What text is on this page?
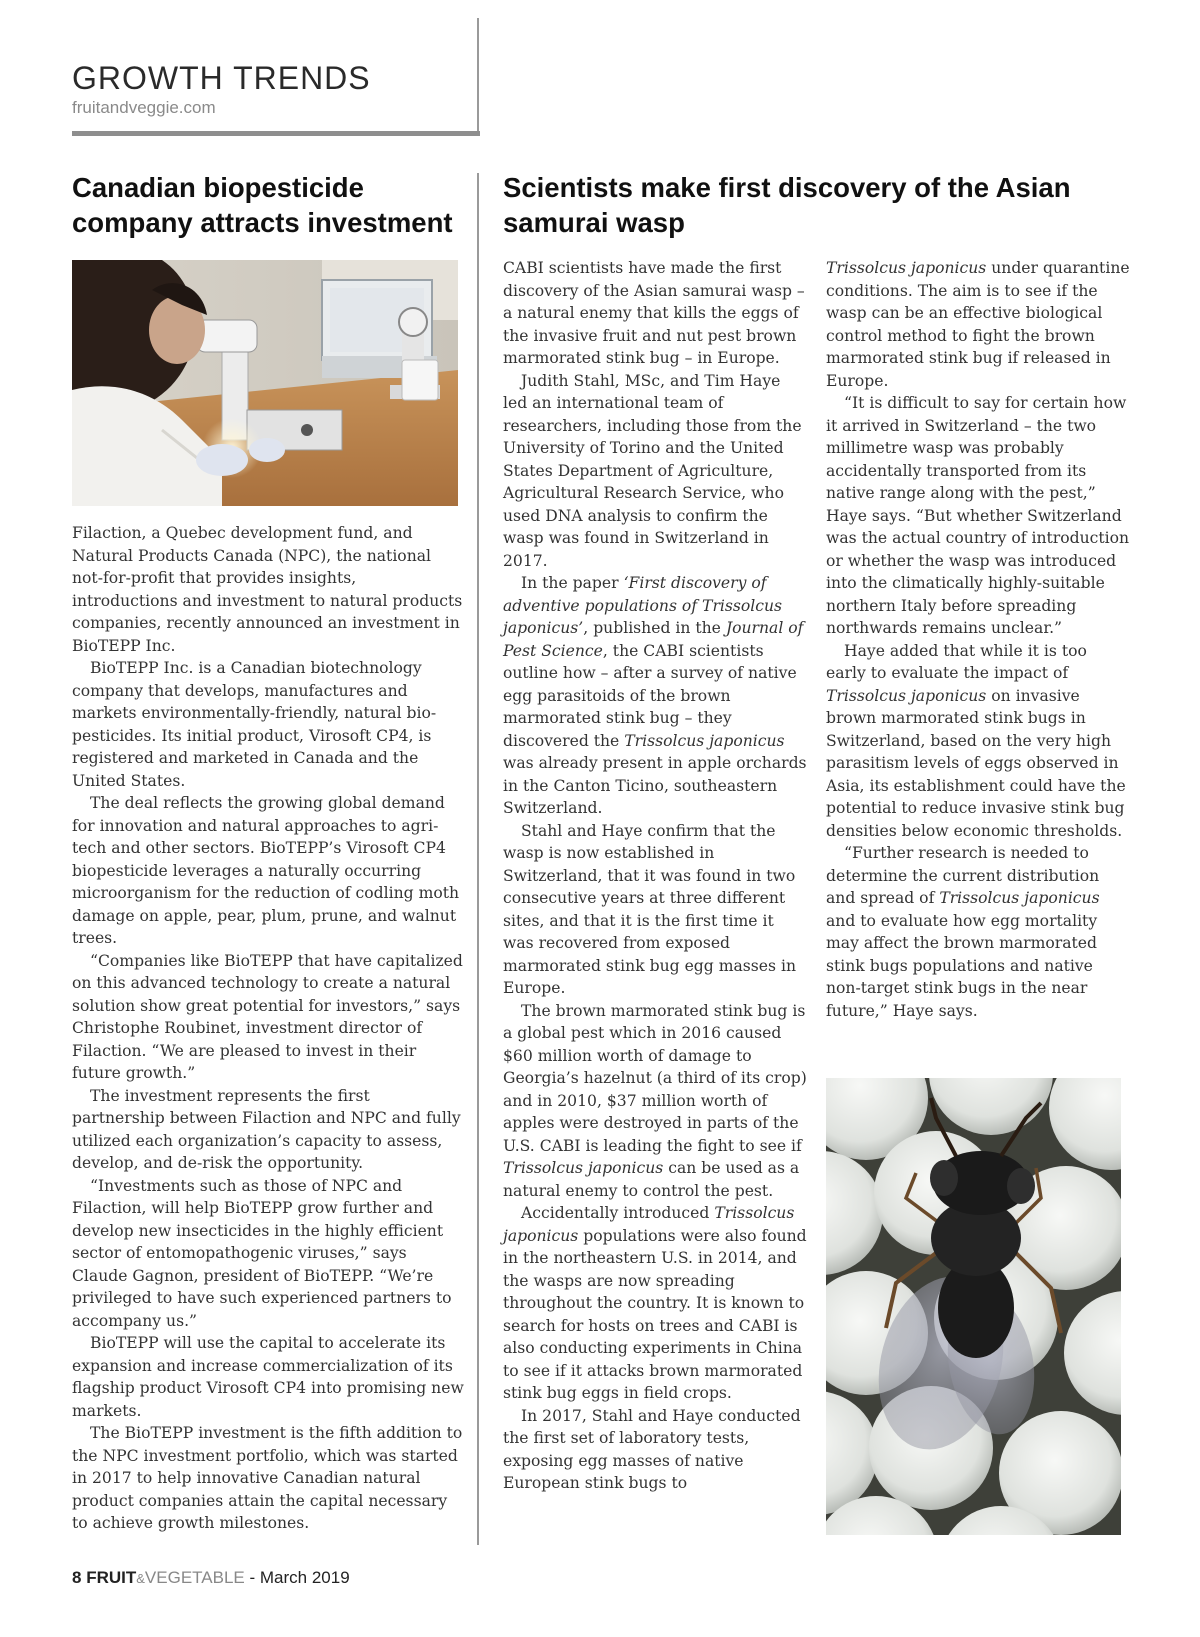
GROWTH TRENDS
fruitandveggie.com
Canadian biopesticide company attracts investment

Filaction, a Quebec development fund, and Natural Products Canada (NPC), the national not-for-profit that provides insights, introductions and investment to natural products companies, recently announced an investment in BioTEPP Inc.

BioTEPP Inc. is a Canadian biotechnology company that develops, manufactures and markets environmentally-friendly, natural bio-pesticides. Its initial product, Virosoft CP4, is registered and marketed in Canada and the United States.

The deal reflects the growing global demand for innovation and natural approaches to agri-tech and other sectors. BioTEPP’s Virosoft CP4 biopesticide leverages a naturally occurring microorganism for the reduction of codling moth damage on apple, pear, plum, prune, and walnut trees.

“Companies like BioTEPP that have capitalized on this advanced technology to create a natural solution show great potential for investors,” says Christophe Roubinet, investment director of Filaction. “We are pleased to invest in their future growth.”

The investment represents the first partnership between Filaction and NPC and fully utilized each organization’s capacity to assess, develop, and de-risk the opportunity.

“Investments such as those of NPC and Filaction, will help BioTEPP grow further and develop new insecticides in the highly efficient sector of entomopathogenic viruses,” says Claude Gagnon, president of BioTEPP. “We’re privileged to have such experienced partners to accompany us.”

BioTEPP will use the capital to accelerate its expansion and increase commercialization of its flagship product Virosoft CP4 into promising new markets.

The BioTEPP investment is the fifth addition to the NPC investment portfolio, which was started in 2017 to help innovative Canadian natural product companies attain the capital necessary to achieve growth milestones.

Scientists make first discovery of the Asian samurai wasp

CABI scientists have made the first discovery of the Asian samurai wasp – a natural enemy that kills the eggs of the invasive fruit and nut pest brown marmorated stink bug – in Europe.

Judith Stahl, MSc, and Tim Haye led an international team of researchers, including those from the University of Torino and the United States Department of Agriculture, Agricultural Research Service, who used DNA analysis to confirm the wasp was found in Switzerland in 2017.

In the paper ‘First discovery of adventive populations of Trissolcus japonicus’, published in the Journal of Pest Science, the CABI scientists outline how – after a survey of native egg parasitoids of the brown marmorated stink bug – they discovered the Trissolcus japonicus was already present in apple orchards in the Canton Ticino, southeastern Switzerland.

Stahl and Haye confirm that the wasp is now established in Switzerland, that it was found in two consecutive years at three different sites, and that it is the first time it was recovered from exposed marmorated stink bug egg masses in Europe.

The brown marmorated stink bug is a global pest which in 2016 caused $60 million worth of damage to Georgia’s hazelnut (a third of its crop) and in 2010, $37 million worth of apples were destroyed in parts of the U.S. CABI is leading the fight to see if Trissolcus japonicus can be used as a natural enemy to control the pest.

Accidentally introduced Trissolcus japonicus populations were also found in the northeastern U.S. in 2014, and the wasps are now spreading throughout the country. It is known to search for hosts on trees and CABI is also conducting experiments in China to see if it attacks brown marmorated stink bug eggs in field crops.

In 2017, Stahl and Haye conducted the first set of laboratory tests, exposing egg masses of native European stink bugs to

Trissolcus japonicus under quarantine conditions. The aim is to see if the wasp can be an effective biological control method to fight the brown marmorated stink bug if released in Europe.

“It is difficult to say for certain how it arrived in Switzerland – the two millimetre wasp was probably accidentally transported from its native range along with the pest,” Haye says. “But whether Switzerland was the actual country of introduction or whether the wasp was introduced into the climatically highly-suitable northern Italy before spreading northwards remains unclear.”

Haye added that while it is too early to evaluate the impact of Trissolcus japonicus on invasive brown marmorated stink bugs in Switzerland, based on the very high parasitism levels of eggs observed in Asia, its establishment could have the potential to reduce invasive stink bug densities below economic thresholds.

“Further research is needed to determine the current distribution and spread of Trissolcus japonicus and to evaluate how egg mortality may affect the brown marmorated stink bugs populations and native non-target stink bugs in the near future,” Haye says.

8 FRUIT&VEGETABLE - March 2019
